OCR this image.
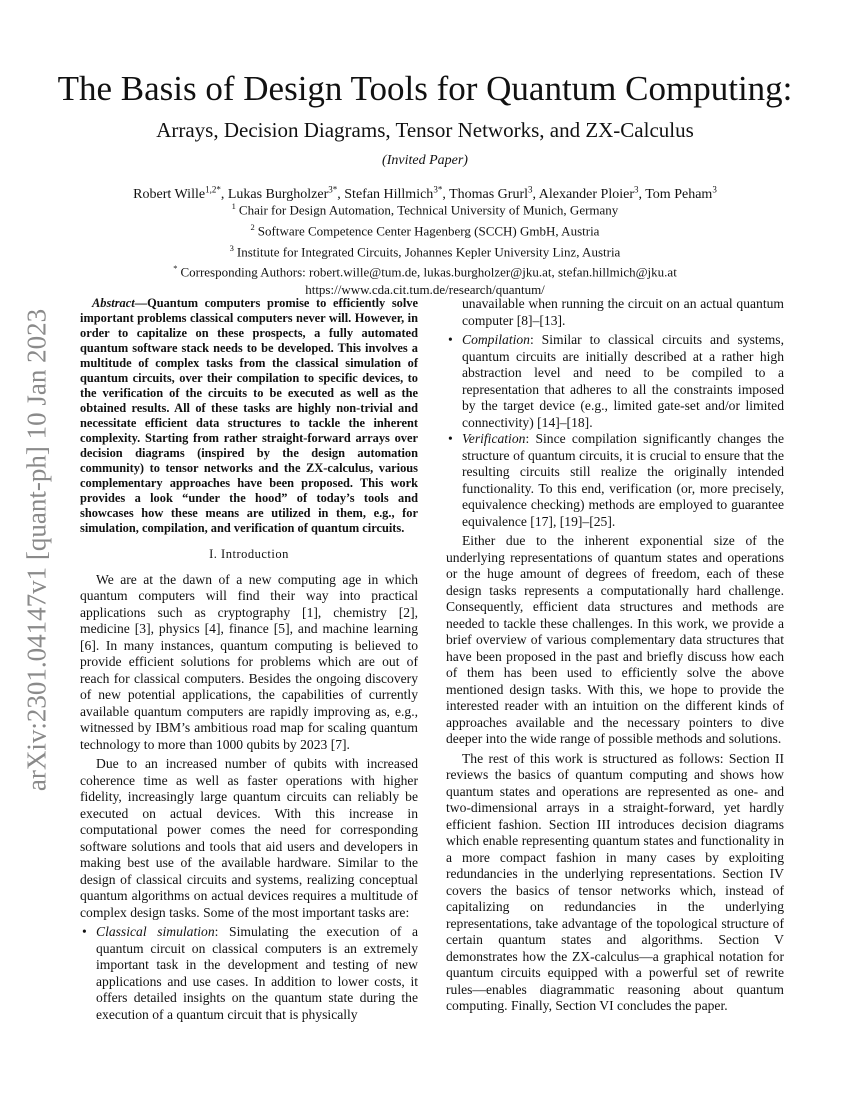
arXiv:2301.04147v1 [quant-ph] 10 Jan 2023
The Basis of Design Tools for Quantum Computing:
Arrays, Decision Diagrams, Tensor Networks, and ZX-Calculus
(Invited Paper)
Robert Wille$^{1,2*}$, Lukas Burgholzer$^{3*}$, Stefan Hillmich$^{3*}$, Thomas Grurl$^3$, Alexander Ploier$^3$, Tom Peham$^3$
$^1$ Chair for Design Automation, Technical University of Munich, Germany
$^2$ Software Competence Center Hagenberg (SCCH) GmbH, Austria
$^3$ Institute for Integrated Circuits, Johannes Kepler University Linz, Austria
* Corresponding Authors: robert.wille@tum.de, lukas.burgholzer@jku.at, stefan.hillmich@jku.at
https://www.cda.cit.tum.de/research/quantum/
Abstract—Quantum computers promise to efficiently solve important problems classical computers never will. However, in order to capitalize on these prospects, a fully automated quantum software stack needs to be developed. This involves a multitude of complex tasks from the classical simulation of quantum circuits, over their compilation to specific devices, to the verification of the circuits to be executed as well as the obtained results. All of these tasks are highly non-trivial and necessitate efficient data structures to tackle the inherent complexity. Starting from rather straight-forward arrays over decision diagrams (inspired by the design automation community) to tensor networks and the ZX-calculus, various complementary approaches have been proposed. This work provides a look “under the hood” of today’s tools and showcases how these means are utilized in them, e.g., for simulation, compilation, and verification of quantum circuits.
I. Introduction

We are at the dawn of a new computing age in which quantum computers will find their way into practical applications such as cryptography [1], chemistry [2], medicine [3], physics [4], finance [5], and machine learning [6]. In many instances, quantum computing is believed to provide efficient solutions for problems which are out of reach for classical computers. Besides the ongoing discovery of new potential applications, the capabilities of currently available quantum computers are rapidly improving as, e.g., witnessed by IBM’s ambitious road map for scaling quantum technology to more than 1000 qubits by 2023 [7].

Due to an increased number of qubits with increased coherence time as well as faster operations with higher fidelity, increasingly large quantum circuits can reliably be executed on actual devices. With this increase in computational power comes the need for corresponding software solutions and tools that aid users and developers in making best use of the available hardware. Similar to the design of classical circuits and systems, realizing conceptual quantum algorithms on actual devices requires a multitude of complex design tasks. Some of the most important tasks are:

• Classical simulation: Simulating the execution of a quantum circuit on classical computers is an extremely important task in the development and testing of new applications and use cases. In addition to lower costs, it offers detailed insights on the quantum state during the execution of a quantum circuit that is physically

unavailable when running the circuit on an actual quantum computer [8]–[13].

• Compilation: Similar to classical circuits and systems, quantum circuits are initially described at a rather high abstraction level and need to be compiled to a representation that adheres to all the constraints imposed by the target device (e.g., limited gate-set and/or limited connectivity) [14]–[18].
• Verification: Since compilation significantly changes the structure of quantum circuits, it is crucial to ensure that the resulting circuits still realize the originally intended functionality. To this end, verification (or, more precisely, equivalence checking) methods are employed to guarantee equivalence [17], [19]–[25].

Either due to the inherent exponential size of the underlying representations of quantum states and operations or the huge amount of degrees of freedom, each of these design tasks represents a computationally hard challenge. Consequently, efficient data structures and methods are needed to tackle these challenges. In this work, we provide a brief overview of various complementary data structures that have been proposed in the past and briefly discuss how each of them has been used to efficiently solve the above mentioned design tasks. With this, we hope to provide the interested reader with an intuition on the different kinds of approaches available and the necessary pointers to dive deeper into the wide range of possible methods and solutions.

The rest of this work is structured as follows: Section II reviews the basics of quantum computing and shows how quantum states and operations are represented as one- and two-dimensional arrays in a straight-forward, yet hardly efficient fashion. Section III introduces decision diagrams which enable representing quantum states and functionality in a more compact fashion in many cases by exploiting redundancies in the underlying representations. Section IV covers the basics of tensor networks which, instead of capitalizing on redundancies in the underlying representations, take advantage of the topological structure of certain quantum states and algorithms. Section V demonstrates how the ZX-calculus—a graphical notation for quantum circuits equipped with a powerful set of rewrite rules—enables diagrammatic reasoning about quantum computing. Finally, Section VI concludes the paper.
